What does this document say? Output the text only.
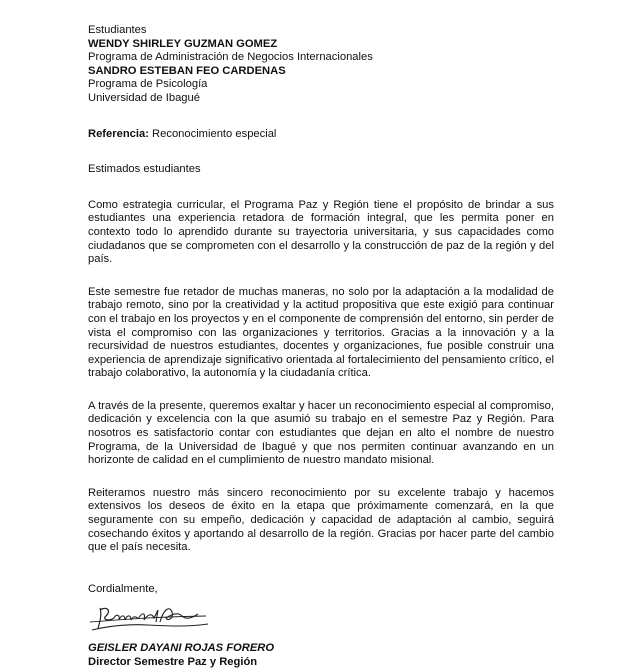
Estudiantes
WENDY SHIRLEY GUZMAN GOMEZ
Programa de Administración de Negocios Internacionales
SANDRO ESTEBAN FEO CARDENAS
Programa de Psicología
Universidad de Ibagué
Referencia: Reconocimiento especial
Estimados estudiantes
Como estrategia curricular, el Programa Paz y Región tiene el propósito de brindar a sus estudiantes una experiencia retadora de formación integral, que les permita poner en contexto todo lo aprendido durante su trayectoria universitaria, y sus capacidades como ciudadanos que se comprometen con el desarrollo y la construcción de paz de la región y del país.
Este semestre fue retador de muchas maneras, no solo por la adaptación a la modalidad de trabajo remoto, sino por la creatividad y la actitud propositiva que este exigió para continuar con el trabajo en los proyectos y en el componente de comprensión del entorno, sin perder de vista el compromiso con las organizaciones y territorios. Gracias a la innovación y a la recursividad de nuestros estudiantes, docentes y organizaciones, fue posible construir una experiencia de aprendizaje significativo orientada al fortalecimiento del pensamiento crítico, el trabajo colaborativo, la autonomía y la ciudadanía crítica.
A través de la presente, queremos exaltar y hacer un reconocimiento especial al compromiso, dedicación y excelencia con la que asumió su trabajo en el semestre Paz y Región. Para nosotros es satisfactorio contar con estudiantes que dejan en alto el nombre de nuestro Programa, de la Universidad de Ibagué y que nos permiten continuar avanzando en un horizonte de calidad en el cumplimiento de nuestro mandato misional.
Reiteramos nuestro más sincero reconocimiento por su excelente trabajo y hacemos extensivos los deseos de éxito en la etapa que próximamente comenzará, en la que seguramente con su empeño, dedicación y capacidad de adaptación al cambio, seguirá cosechando éxitos y aportando al desarrollo de la región. Gracias por hacer parte del cambio que el país necesita.
Cordialmente,
GEISLER DAYANI ROJAS FORERO
Director Semestre Paz y Región
